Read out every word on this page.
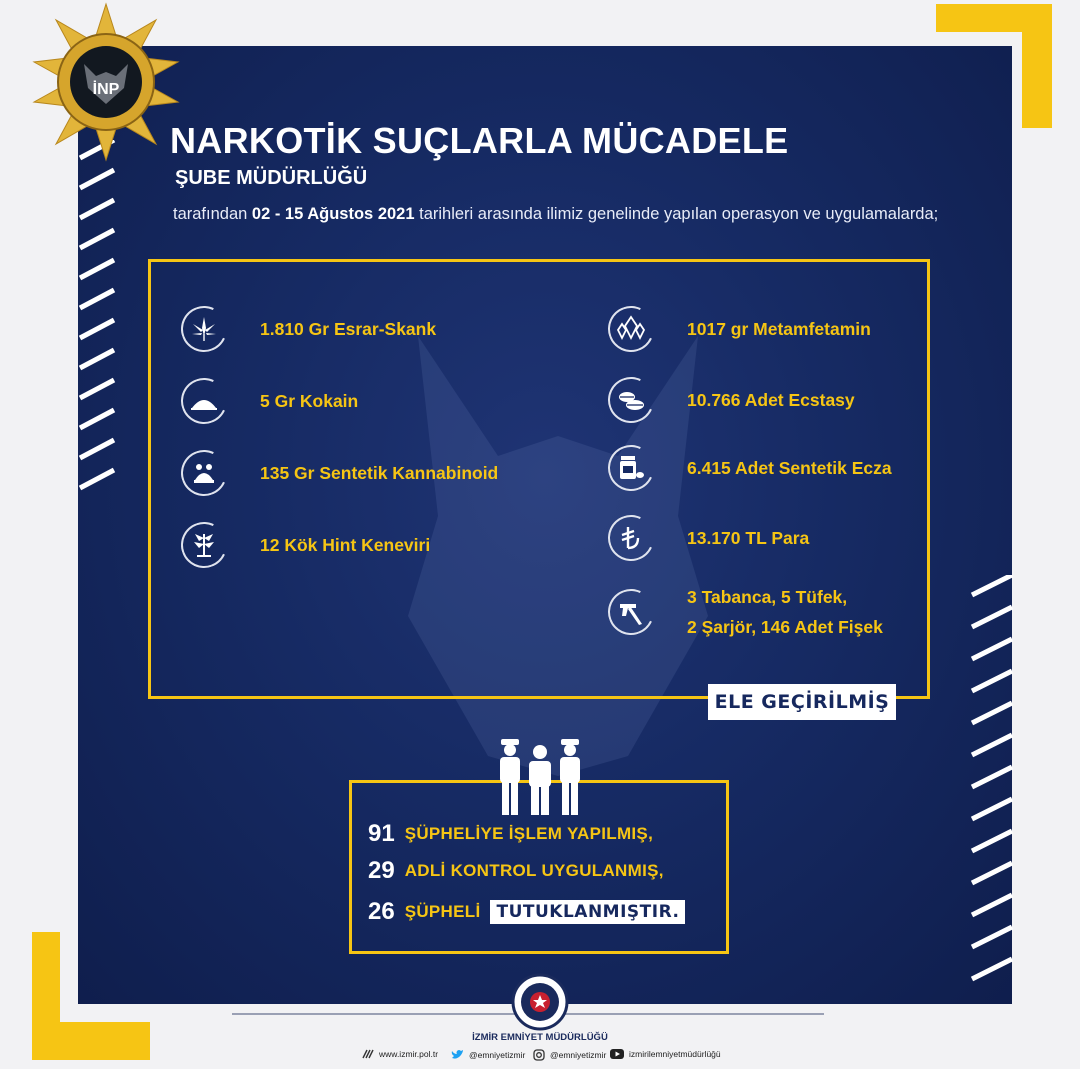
İNP
NARKOTİK SUÇLARLA MÜCADELE
ŞUBE MÜDÜRLÜĞÜ
tarafından 02 - 15 Ağustos 2021 tarihleri arasında ilimiz genelinde yapılan operasyon ve uygulamalarda;
1.810 Gr Esrar-Skank
5 Gr Kokain
135 Gr Sentetik Kannabinoid
12 Kök Hint Keneviri
1017 gr Metamfetamin
10.766 Adet Ecstasy
6.415 Adet Sentetik Ecza
13.170 TL Para
3 Tabanca, 5 Tüfek,
2 Şarjör, 146 Adet Fişek
ELE GEÇİRİLMİŞ
91 ŞÜPHELİYE İŞLEM YAPILMIŞ,
29 ADLİ KONTROL UYGULANMIŞ,
26 ŞÜPHELİ TUTUKLANMIŞTIR.
İZMİR EMNİYET MÜDÜRLÜĞÜ
www.izmir.pol.tr	@emniyetizmir	@emniyetizmir	izmirilemniyetmüdürlüğü
